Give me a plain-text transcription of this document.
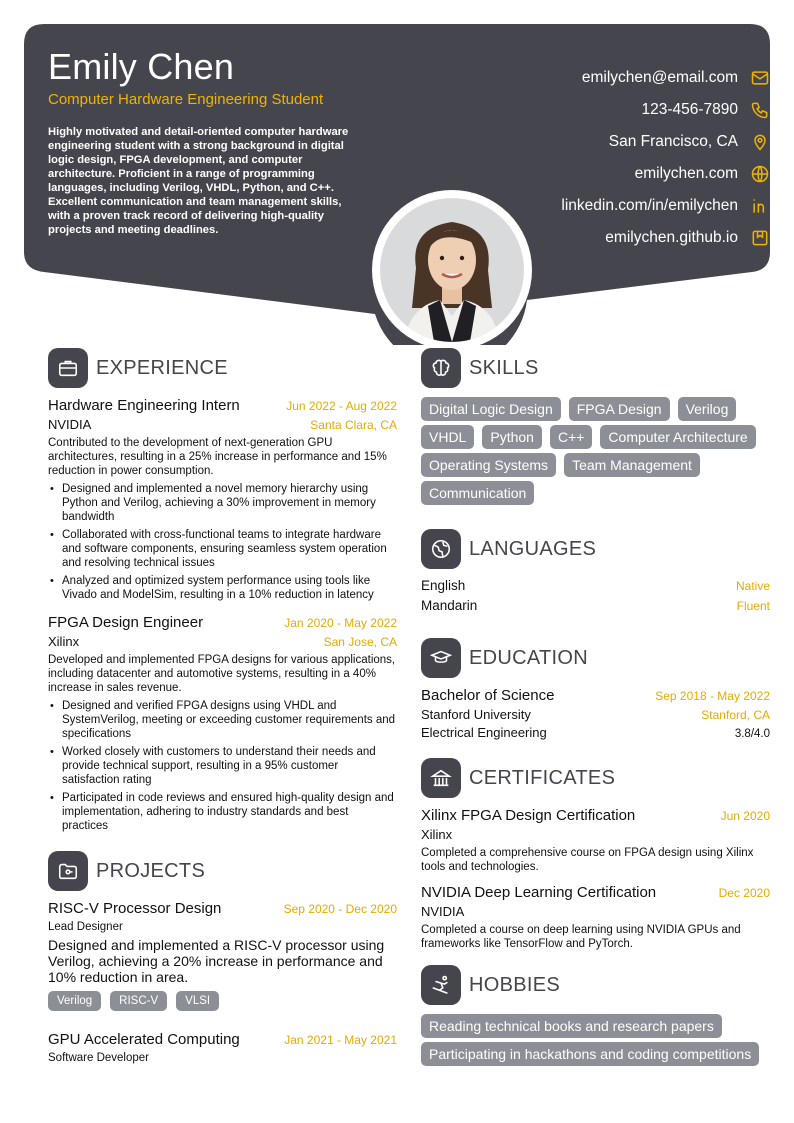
Emily Chen
Computer Hardware Engineering Student
Highly motivated and detail-oriented computer hardware engineering student with a strong background in digital logic design, FPGA development, and computer architecture. Proficient in a range of programming languages, including Verilog, VHDL, Python, and C++. Excellent communication and team management skills, with a proven track record of delivering high-quality projects and meeting deadlines.
emilychen@email.com
123-456-7890
San Francisco, CA
emilychen.com
linkedin.com/in/emilychen
emilychen.github.io
EXPERIENCE
Hardware Engineering Intern	Jun 2022 - Aug 2022
NVIDIA	Santa Clara, CA
Contributed to the development of next-generation GPU architectures, resulting in a 25% increase in performance and 15% reduction in power consumption.
• Designed and implemented a novel memory hierarchy using Python and Verilog, achieving a 30% improvement in memory bandwidth
• Collaborated with cross-functional teams to integrate hardware and software components, ensuring seamless system operation and resolving technical issues
• Analyzed and optimized system performance using tools like Vivado and ModelSim, resulting in a 10% reduction in latency
FPGA Design Engineer	Jan 2020 - May 2022
Xilinx	San Jose, CA
Developed and implemented FPGA designs for various applications, including datacenter and automotive systems, resulting in a 40% increase in sales revenue.
• Designed and verified FPGA designs using VHDL and SystemVerilog, meeting or exceeding customer requirements and specifications
• Worked closely with customers to understand their needs and provide technical support, resulting in a 95% customer satisfaction rating
• Participated in code reviews and ensured high-quality design and implementation, adhering to industry standards and best practices
PROJECTS
RISC-V Processor Design	Sep 2020 - Dec 2020
Lead Designer
Designed and implemented a RISC-V processor using Verilog, achieving a 20% increase in performance and 10% reduction in area.
Verilog	RISC-V	VLSI
GPU Accelerated Computing	Jan 2021 - May 2021
Software Developer
SKILLS
Digital Logic Design	FPGA Design	Verilog
VHDL	Python	C++	Computer Architecture
Operating Systems	Team Management
Communication
LANGUAGES
English	Native
Mandarin	Fluent
EDUCATION
Bachelor of Science	Sep 2018 - May 2022
Stanford University	Stanford, CA
Electrical Engineering	3.8/4.0
CERTIFICATES
Xilinx FPGA Design Certification	Jun 2020
Xilinx
Completed a comprehensive course on FPGA design using Xilinx tools and technologies.
NVIDIA Deep Learning Certification	Dec 2020
NVIDIA
Completed a course on deep learning using NVIDIA GPUs and frameworks like TensorFlow and PyTorch.
HOBBIES
Reading technical books and research papers
Participating in hackathons and coding competitions
